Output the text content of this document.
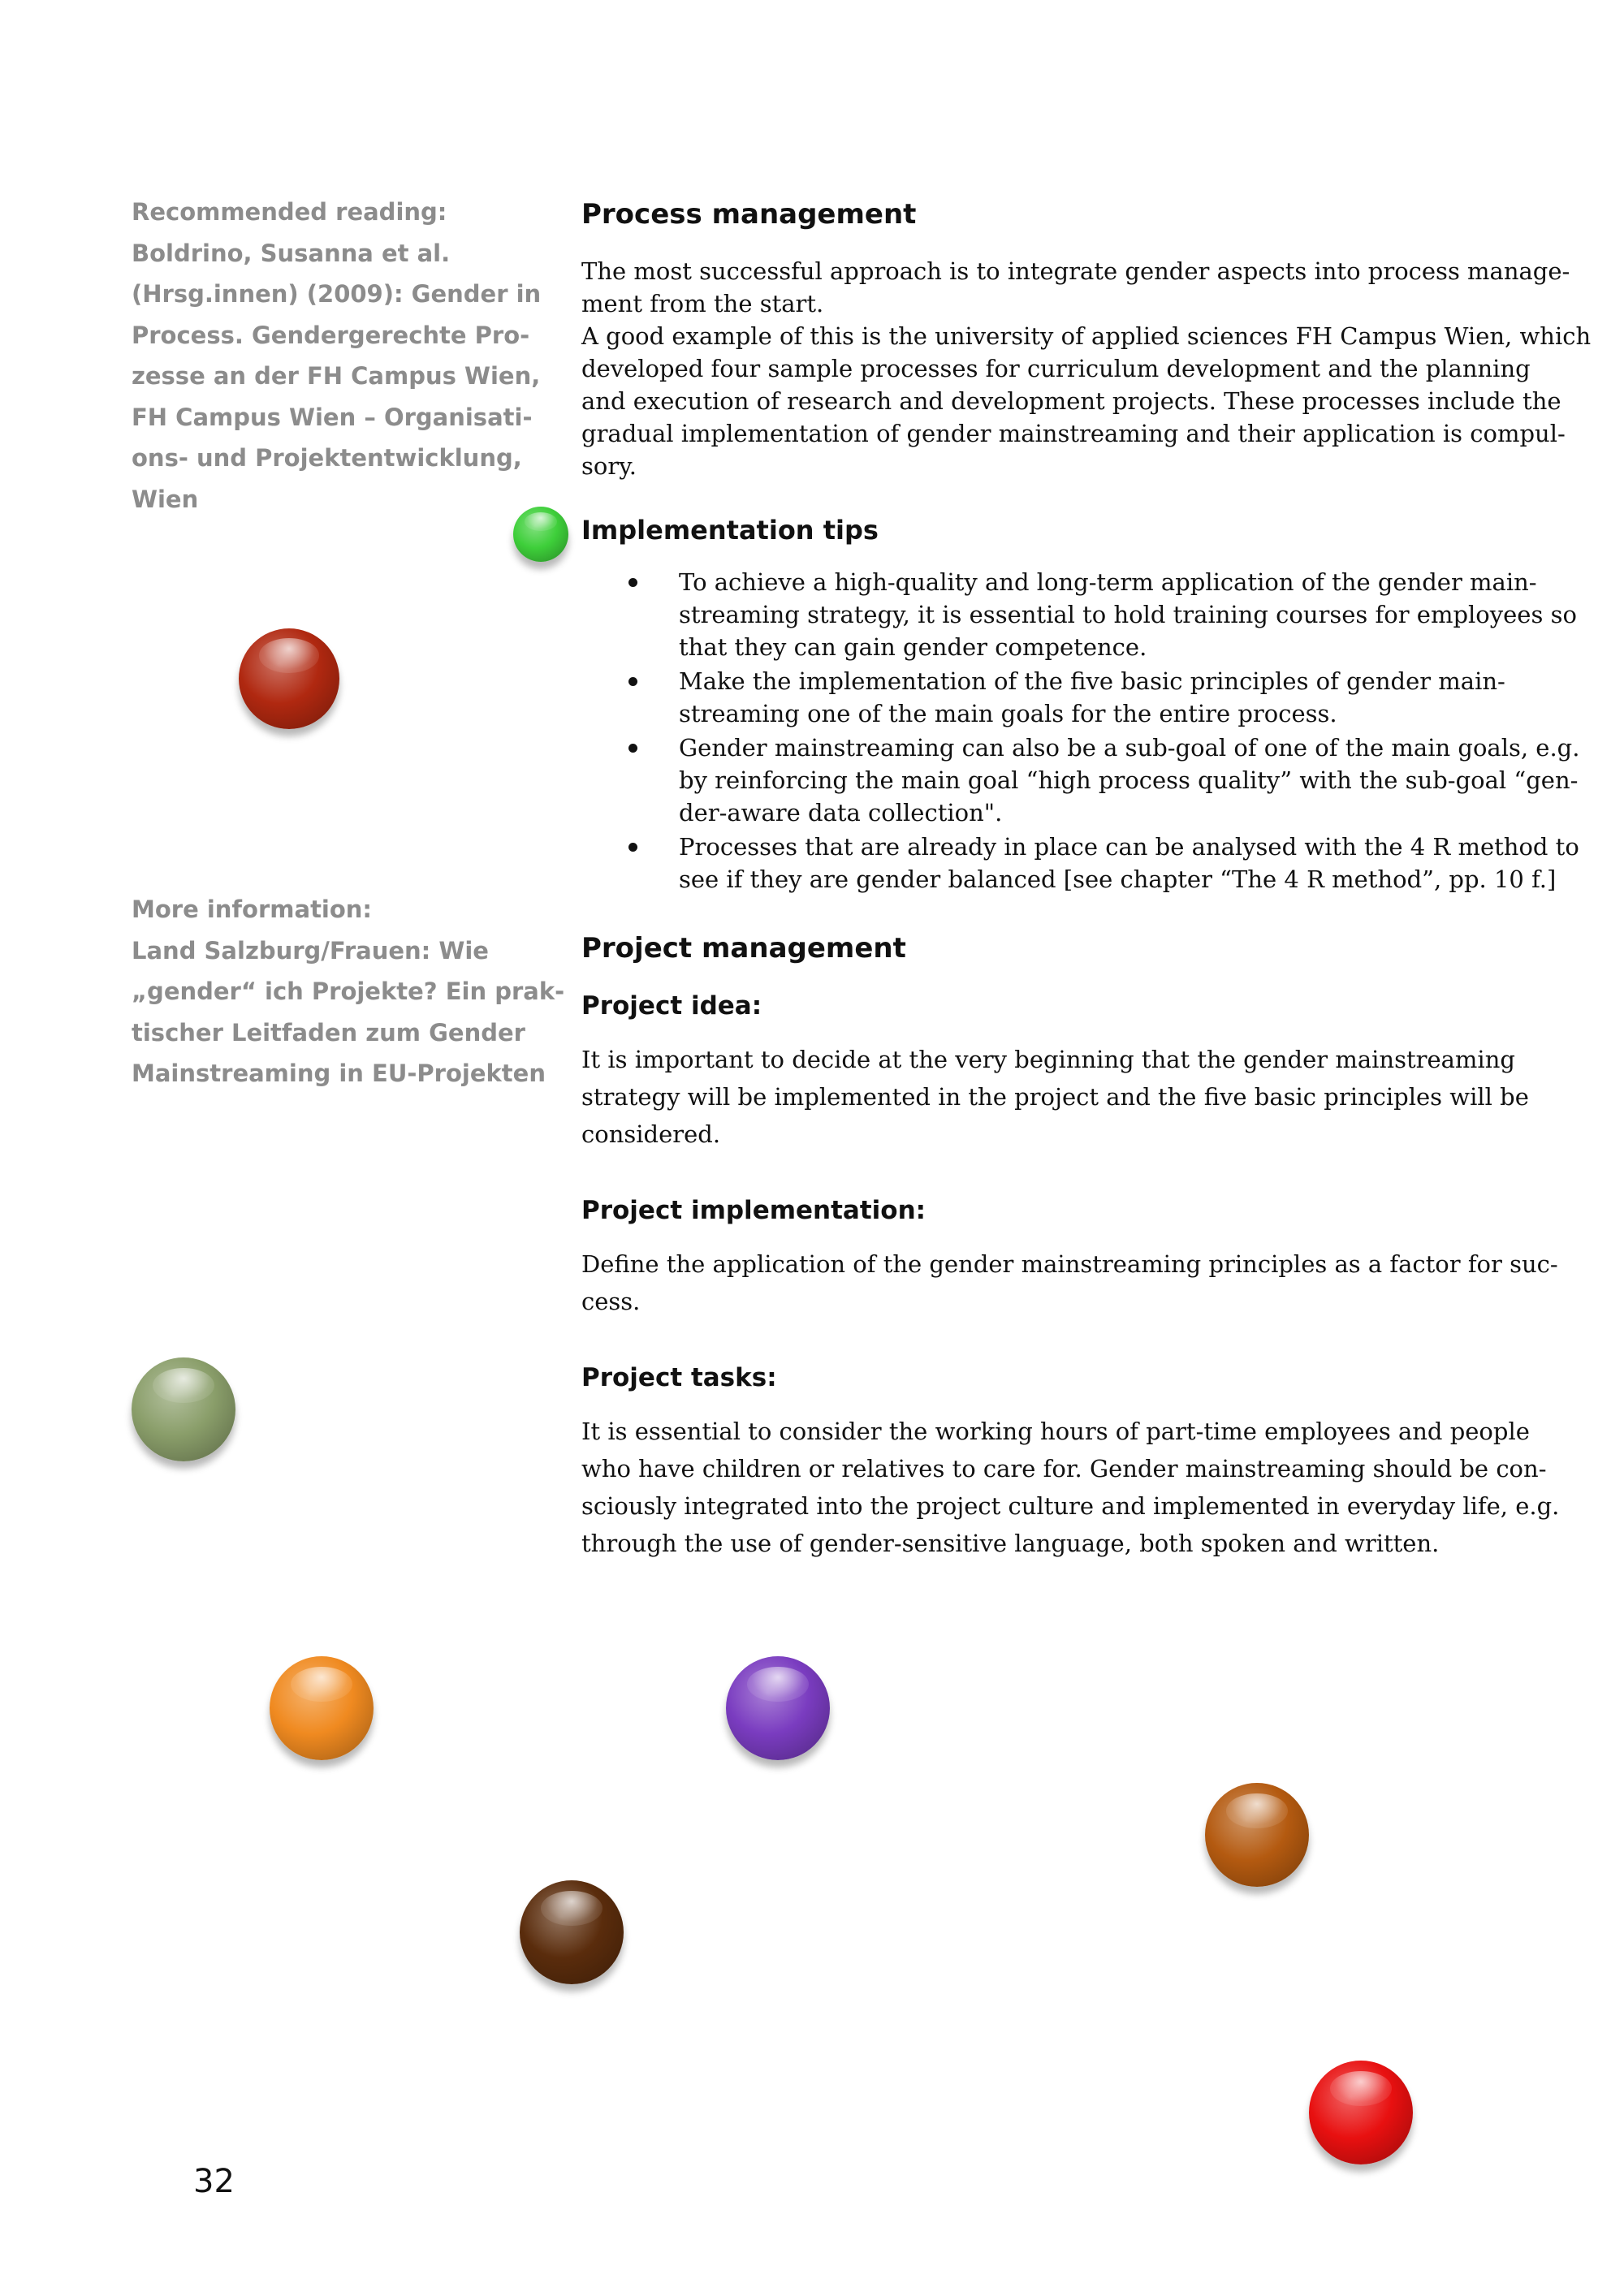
Recommended reading:
Boldrino, Susanna et al.
(Hrsg.innen) (2009): Gender in
Process. Gendergerechte Pro-
zesse an der FH Campus Wien,
FH Campus Wien – Organisati-
ons- und Projektentwicklung,
Wien
More information:
Land Salzburg/Frauen: Wie
„gender“ ich Projekte? Ein prak-
tischer Leitfaden zum Gender
Mainstreaming in EU-Projekten
Process management
The most successful approach is to integrate gender aspects into process manage-
ment from the start.
A good example of this is the university of applied sciences FH Campus Wien, which
developed four sample processes for curriculum development and the planning
and execution of research and development projects. These processes include the
gradual implementation of gender mainstreaming and their application is compul-
sory.
Implementation tips
To achieve a high-quality and long-term application of the gender main-
streaming strategy, it is essential to hold training courses for employees so
that they can gain gender competence.
Make the implementation of the five basic principles of gender main-
streaming one of the main goals for the entire process.
Gender mainstreaming can also be a sub-goal of one of the main goals, e.g.
by reinforcing the main goal “high process quality” with the sub-goal “gen-
der-aware data collection".
Processes that are already in place can be analysed with the 4 R method to
see if they are gender balanced [see chapter “The 4 R method”, pp. 10 f.]
Project management
Project idea:
It is important to decide at the very beginning that the gender mainstreaming
strategy will be implemented in the project and the five basic principles will be
considered.
Project implementation:
Define the application of the gender mainstreaming principles as a factor for suc-
cess.
Project tasks:
It is essential to consider the working hours of part-time employees and people
who have children or relatives to care for. Gender mainstreaming should be con-
sciously integrated into the project culture and implemented in everyday life, e.g.
through the use of gender-sensitive language, both spoken and written.
32
